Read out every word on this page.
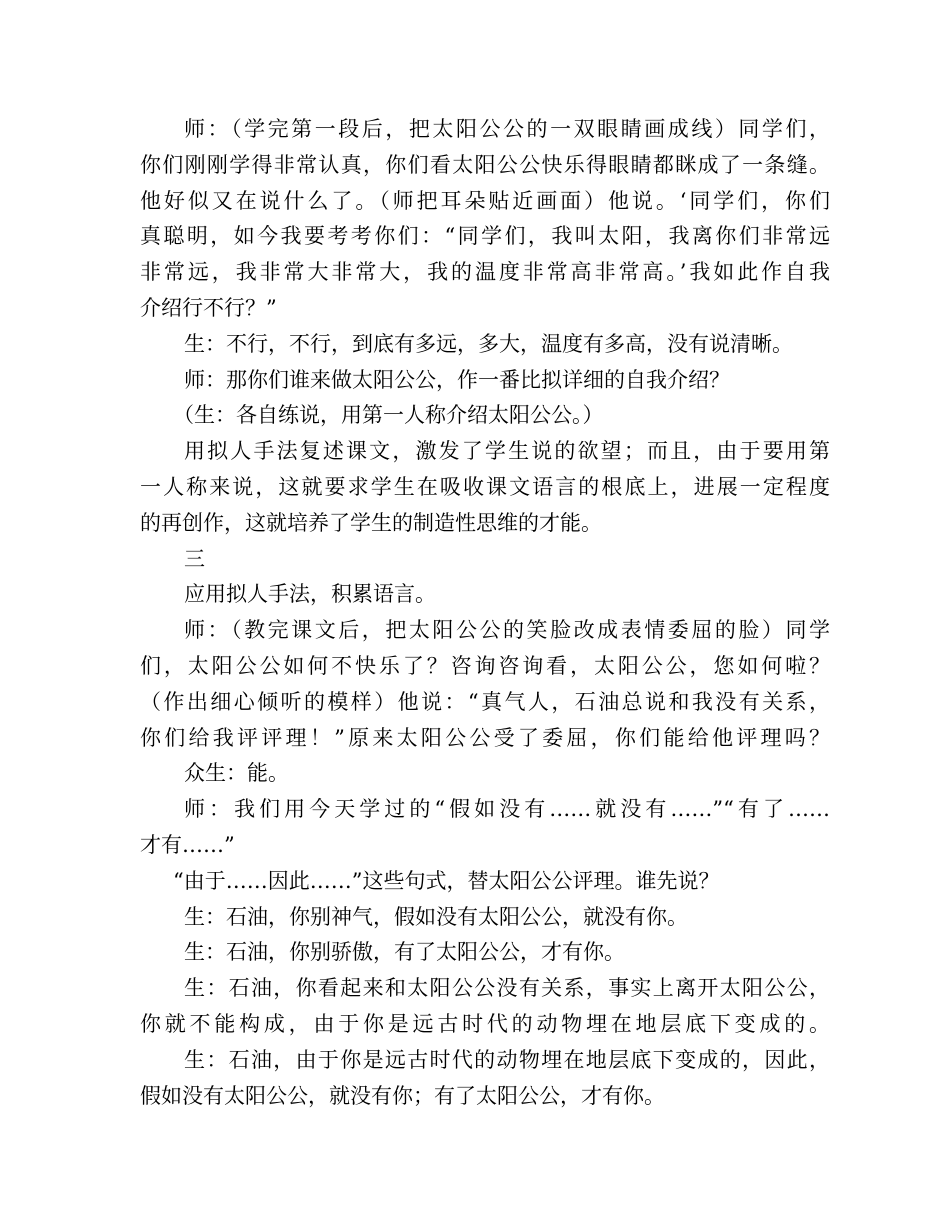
师：（学完第一段后，把太阳公公的一双眼睛画成线）同学们，

你们刚刚学得非常认真，你们看太阳公公快乐得眼睛都眯成了一条缝。

他好似又在说什么了。（师把耳朵贴近画面）他说。‘同学们，你们

真聪明，如今我要考考你们：“同学们，我叫太阳，我离你们非常远

非常远，我非常大非常大，我的温度非常高非常高。’我如此作自我

介绍行不行？”

生：不行，不行，到底有多远，多大，温度有多高，没有说清晰。

师：那你们谁来做太阳公公，作一番比拟详细的自我介绍？

（生：各自练说，用第一人称介绍太阳公公。）

用拟人手法复述课文，激发了学生说的欲望；而且，由于要用第

一人称来说，这就要求学生在吸收课文语言的根底上，进展一定程度

的再创作，这就培养了学生的制造性思维的才能。

三

应用拟人手法，积累语言。

师：（教完课文后，把太阳公公的笑脸改成表情委屈的脸）同学

们，太阳公公如何不快乐了？咨询咨询看，太阳公公，您如何啦？

（作出细心倾听的模样）他说：“真气人，石油总说和我没有关系，

你们给我评评理！”原来太阳公公受了委屈，你们能给他评理吗？

众生：能。

师：我们用今天学过的“假如没有……就没有……”“有了……

才有……”

“由于……因此……”这些句式，替太阳公公评理。谁先说？

生：石油，你别神气，假如没有太阳公公，就没有你。

生：石油，你别骄傲，有了太阳公公，才有你。

生：石油，你看起来和太阳公公没有关系，事实上离开太阳公公，

你就不能构成，由于你是远古时代的动物埋在地层底下变成的。

生：石油，由于你是远古时代的动物埋在地层底下变成的，因此，

假如没有太阳公公，就没有你；有了太阳公公，才有你。
